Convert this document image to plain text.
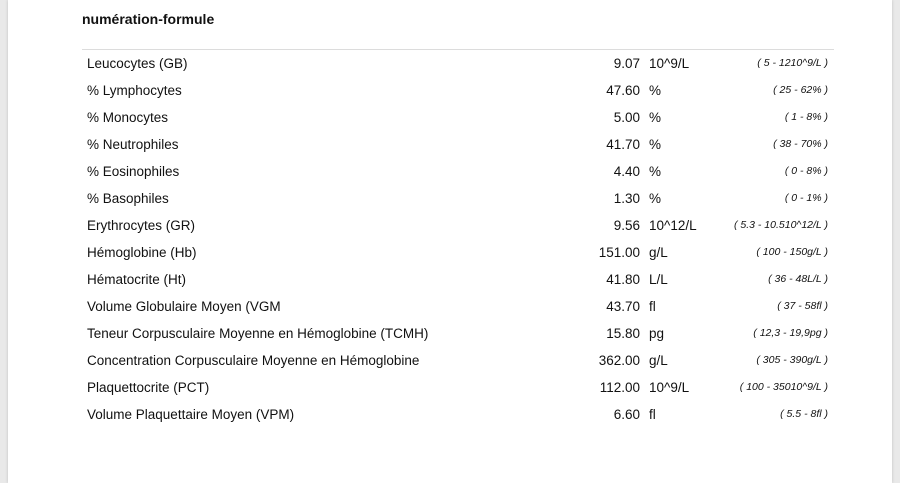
numération-formule
Leucocytes (GB)	9.07 10^9/L	( 5 - 1210^9/L )
% Lymphocytes	47.60 %	( 25 - 62% )
% Monocytes	5.00 %	( 1 - 8% )
% Neutrophiles	41.70 %	( 38 - 70% )
% Eosinophiles	4.40 %	( 0 - 8% )
% Basophiles	1.30 %	( 0 - 1% )
Erythrocytes (GR)	9.56 10^12/L	( 5.3 - 10.510^12/L )
Hémoglobine (Hb)	151.00 g/L	( 100 - 150g/L )
Hématocrite (Ht)	41.80 L/L	( 36 - 48L/L )
Volume Globulaire Moyen (VGM	43.70 fl	( 37 - 58fl )
Teneur Corpusculaire Moyenne en Hémoglobine (TCMH)	15.80 pg	( 12,3 - 19,9pg )
Concentration Corpusculaire Moyenne en Hémoglobine	362.00 g/L	( 305 - 390g/L )
Plaquettocrite (PCT)	112.00 10^9/L	( 100 - 35010^9/L )
Volume Plaquettaire Moyen (VPM)	6.60 fl	( 5.5 - 8fl )
